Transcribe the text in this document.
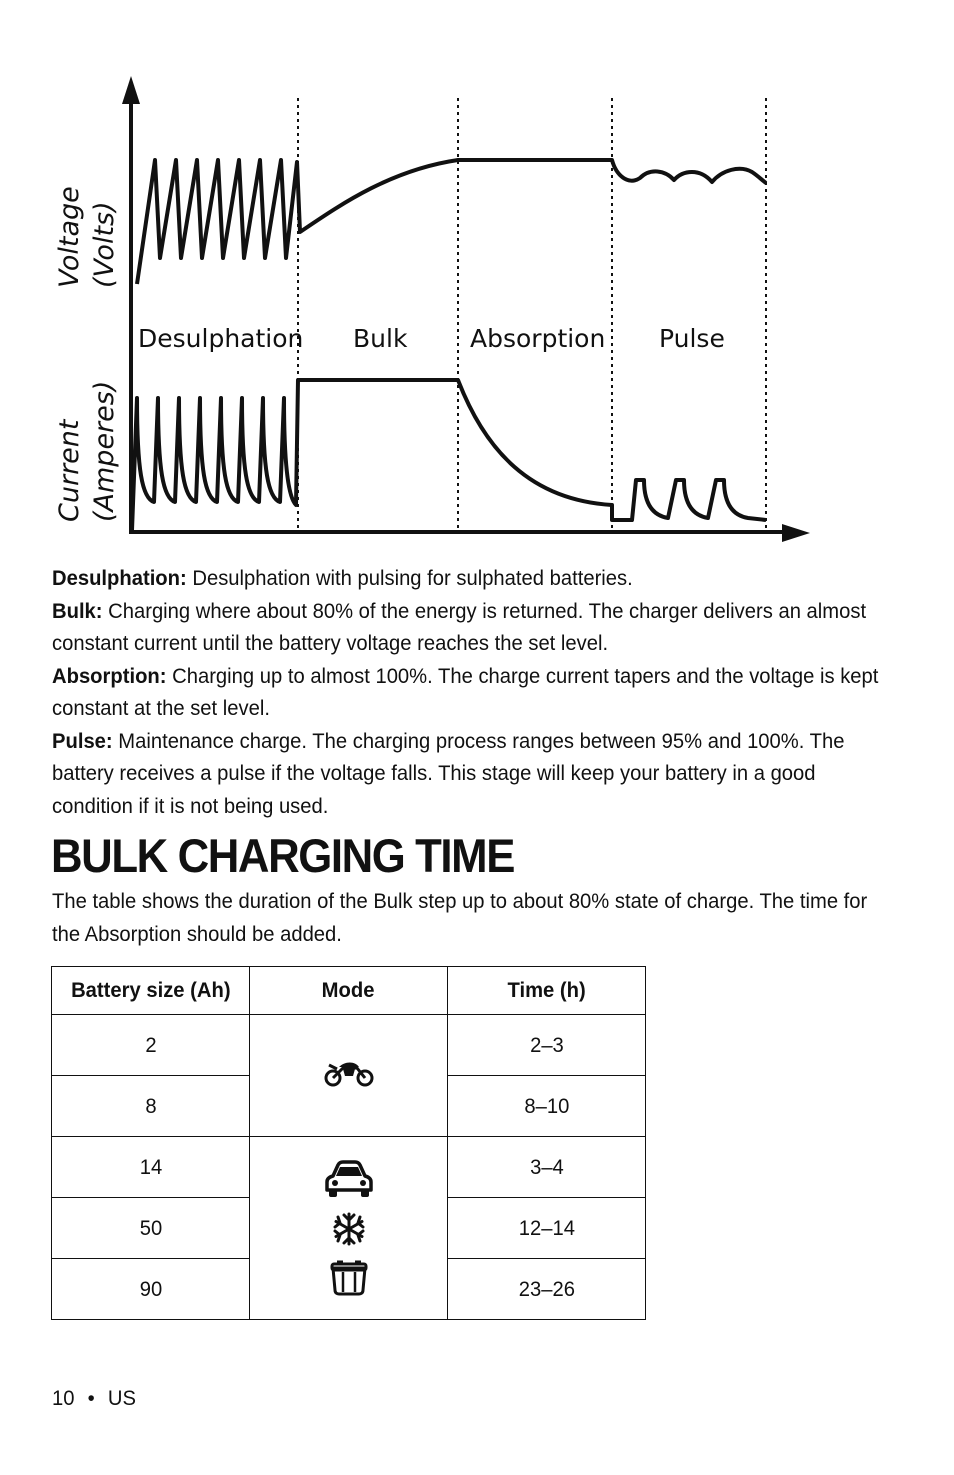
Voltage (Volts)
Current (Amperes)
Desulphation Bulk	Absorption Pulse

Desulphation: Desulphation with pulsing for sulphated batteries.

Bulk: Charging where about 80% of the energy is returned. The charger delivers an almost constant current until the battery voltage reaches the set level.

Absorption: Charging up to almost 100%. The charge current tapers and the voltage is kept constant at the set level.

Pulse: Maintenance charge. The charging process ranges between 95% and 100%. The battery receives a pulse if the voltage falls. This stage will keep your battery in a good condition if it is not being used.

BULK CHARGING TIME

The table shows the duration of the Bulk step up to about 80% state of charge. The time for the Absorption should be added.

Battery size (Ah)	Mode	Time (h)
2		2–3
8		8–10
14		3–4
50		12–14
90		23–26
10 • US
